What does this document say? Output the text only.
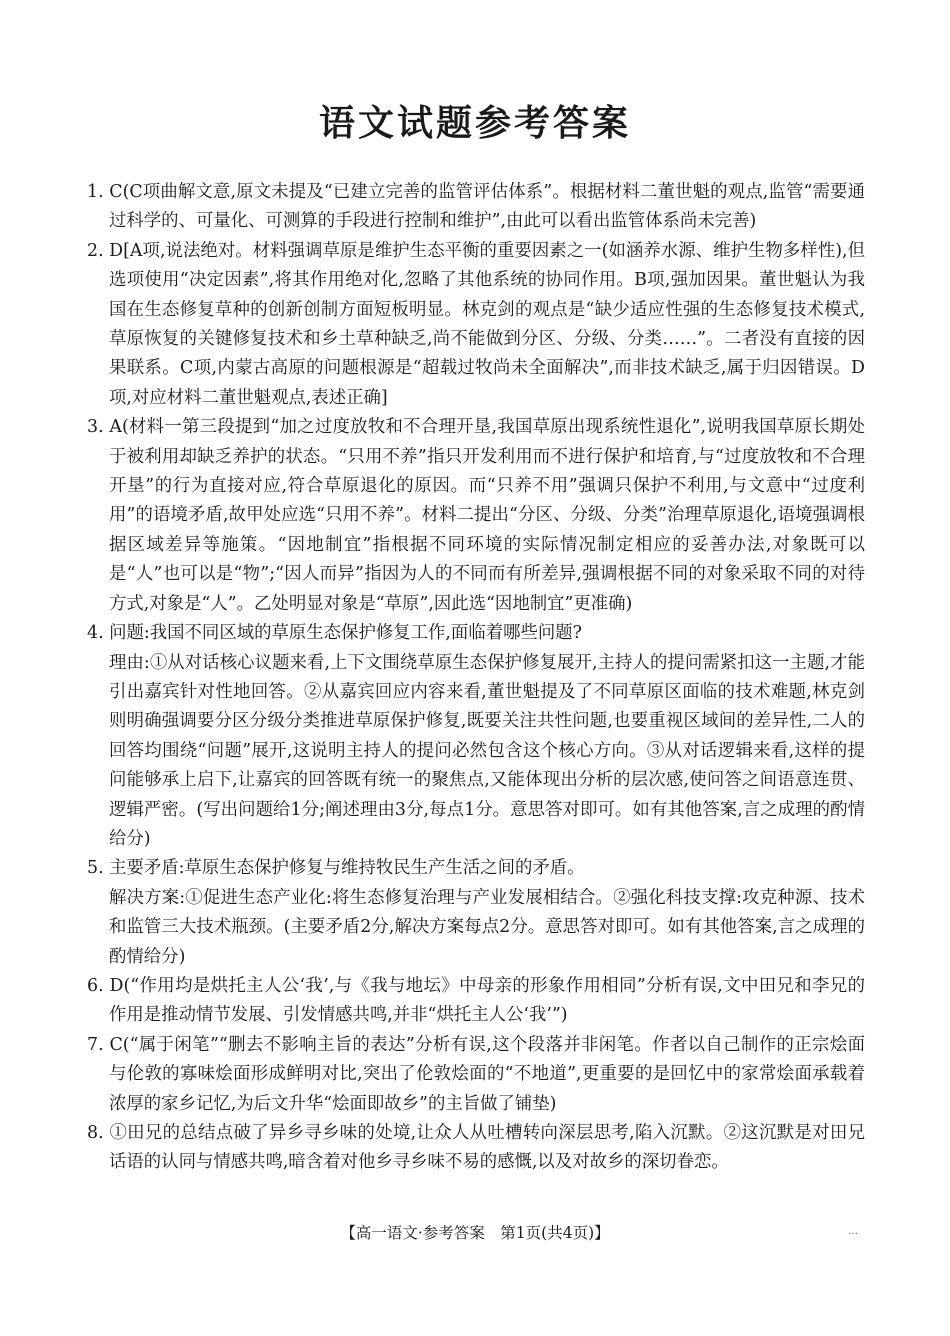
语文试题参考答案

1. C(C项曲解文意,原文未提及“已建立完善的监管评估体系”。根据材料二董世魁的观点,监管“需要通过科学的、可量化、可测算的手段进行控制和维护”,由此可以看出监管体系尚未完善)

2. D[A项,说法绝对。材料强调草原是维护生态平衡的重要因素之一(如涵养水源、维护生物多样性),但选项使用“决定因素”,将其作用绝对化,忽略了其他系统的协同作用。B项,强加因果。董世魁认为我国在生态修复草种的创新创制方面短板明显。林克剑的观点是“缺少适应性强的生态修复技术模式,草原恢复的关键修复技术和乡土草种缺乏,尚不能做到分区、分级、分类……”。二者没有直接的因果联系。C项,内蒙古高原的问题根源是“超载过牧尚未全面解决”,而非技术缺乏,属于归因错误。D项,对应材料二董世魁观点,表述正确]

3. A(材料一第三段提到“加之过度放牧和不合理开垦,我国草原出现系统性退化”,说明我国草原长期处于被利用却缺乏养护的状态。“只用不养”指只开发利用而不进行保护和培育,与“过度放牧和不合理开垦”的行为直接对应,符合草原退化的原因。而“只养不用”强调只保护不利用,与文意中“过度利用”的语境矛盾,故甲处应选“只用不养”。材料二提出“分区、分级、分类”治理草原退化,语境强调根据区域差异等施策。“因地制宜”指根据不同环境的实际情况制定相应的妥善办法,对象既可以是“人”也可以是“物”;“因人而异”指因为人的不同而有所差异,强调根据不同的对象采取不同的对待方式,对象是“人”。乙处明显对象是“草原”,因此选“因地制宜”更准确)

4. 问题:我国不同区域的草原生态保护修复工作,面临着哪些问题?

理由:①从对话核心议题来看,上下文围绕草原生态保护修复展开,主持人的提问需紧扣这一主题,才能引出嘉宾针对性地回答。②从嘉宾回应内容来看,董世魁提及了不同草原区面临的技术难题,林克剑则明确强调要分区分级分类推进草原保护修复,既要关注共性问题,也要重视区域间的差异性,二人的回答均围绕“问题”展开,这说明主持人的提问必然包含这个核心方向。③从对话逻辑来看,这样的提问能够承上启下,让嘉宾的回答既有统一的聚焦点,又能体现出分析的层次感,使问答之间语意连贯、逻辑严密。(写出问题给1分;阐述理由3分,每点1分。意思答对即可。如有其他答案,言之成理的酌情给分)

5. 主要矛盾:草原生态保护修复与维持牧民生产生活之间的矛盾。

解决方案:①促进生态产业化:将生态修复治理与产业发展相结合。②强化科技支撑:攻克种源、技术和监管三大技术瓶颈。(主要矛盾2分,解决方案每点2分。意思答对即可。如有其他答案,言之成理的酌情给分)

6. D(“作用均是烘托主人公‘我’,与《我与地坛》中母亲的形象作用相同”分析有误,文中田兄和李兄的作用是推动情节发展、引发情感共鸣,并非“烘托主人公‘我’”)

7. C(“属于闲笔”“删去不影响主旨的表达”分析有误,这个段落并非闲笔。作者以自己制作的正宗烩面与伦敦的寡味烩面形成鲜明对比,突出了伦敦烩面的“不地道”,更重要的是回忆中的家常烩面承载着浓厚的家乡记忆,为后文升华“烩面即故乡”的主旨做了铺垫)

8. ①田兄的总结点破了异乡寻乡味的处境,让众人从吐槽转向深层思考,陷入沉默。②这沉默是对田兄话语的认同与情感共鸣,暗含着对他乡寻乡味不易的感慨,以及对故乡的深切眷恋。

【高一语文·参考答案　第1页(共4页)】	…
